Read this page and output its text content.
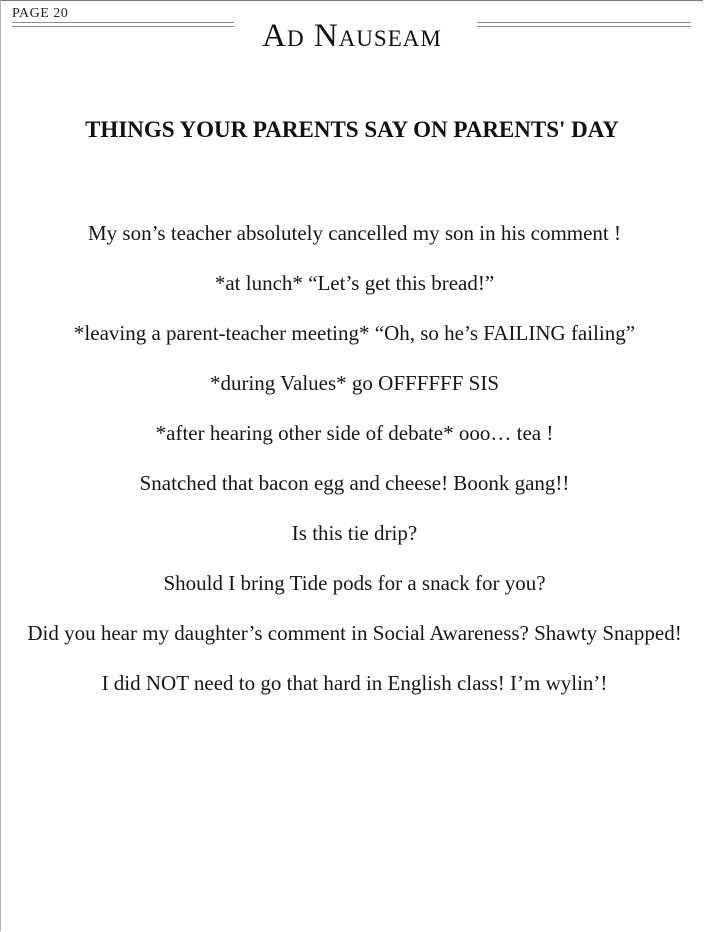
PAGE 20
Ad Nauseam
THINGS YOUR PARENTS SAY ON PARENTS' DAY
My son’s teacher absolutely cancelled my son in his comment !
*at lunch* “Let’s get this bread!”
*leaving a parent-teacher meeting* “Oh, so he’s FAILING failing”
*during Values* go OFFFFFF SIS
*after hearing other side of debate* ooo… tea !
Snatched that bacon egg and cheese! Boonk gang!!
Is this tie drip?
Should I bring Tide pods for a snack for you?
Did you hear my daughter’s comment in Social Awareness? Shawty Snapped!
I did NOT need to go that hard in English class! I’m wylin’!
